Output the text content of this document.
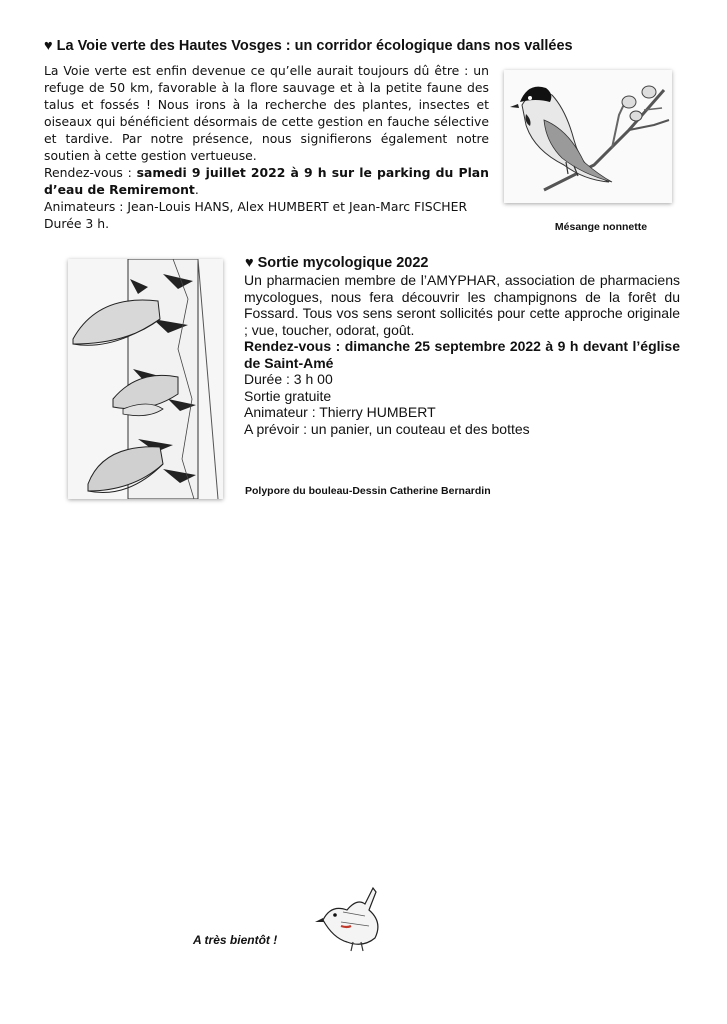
♥ La Voie verte des Hautes Vosges : un corridor écologique dans nos vallées

La Voie verte est enfin devenue ce qu’elle aurait toujours dû être : un refuge de 50 km, favorable à la flore sauvage et à la petite faune des talus et fossés ! Nous irons à la recherche des plantes, insectes et oiseaux qui bénéficient désormais de cette gestion en fauche sélective et tardive. Par notre présence, nous signifierons également notre soutien à cette gestion vertueuse.

Rendez-vous : samedi 9 juillet 2022 à 9 h sur le parking du Plan d’eau de Remiremont.

Animateurs : Jean-Louis HANS, Alex HUMBERT et Jean-Marc FISCHER

Durée 3 h.	Mésange nonnette
♥ Sortie mycologique 2022

Un pharmacien membre de l’AMYPHAR, association de pharmaciens mycologues, nous fera découvrir les champignons de la forêt du Fossard. Tous vos sens seront sollicités pour cette approche originale ; vue, toucher, odorat, goût.

Rendez-vous : dimanche 25 septembre 2022 à 9 h devant l’église de Saint-Amé

Durée : 3 h 00

Sortie gratuite

Animateur : Thierry HUMBERT

A prévoir : un panier, un couteau et des bottes

Polypore du bouleau-Dessin Catherine Bernardin
A très bientôt !
